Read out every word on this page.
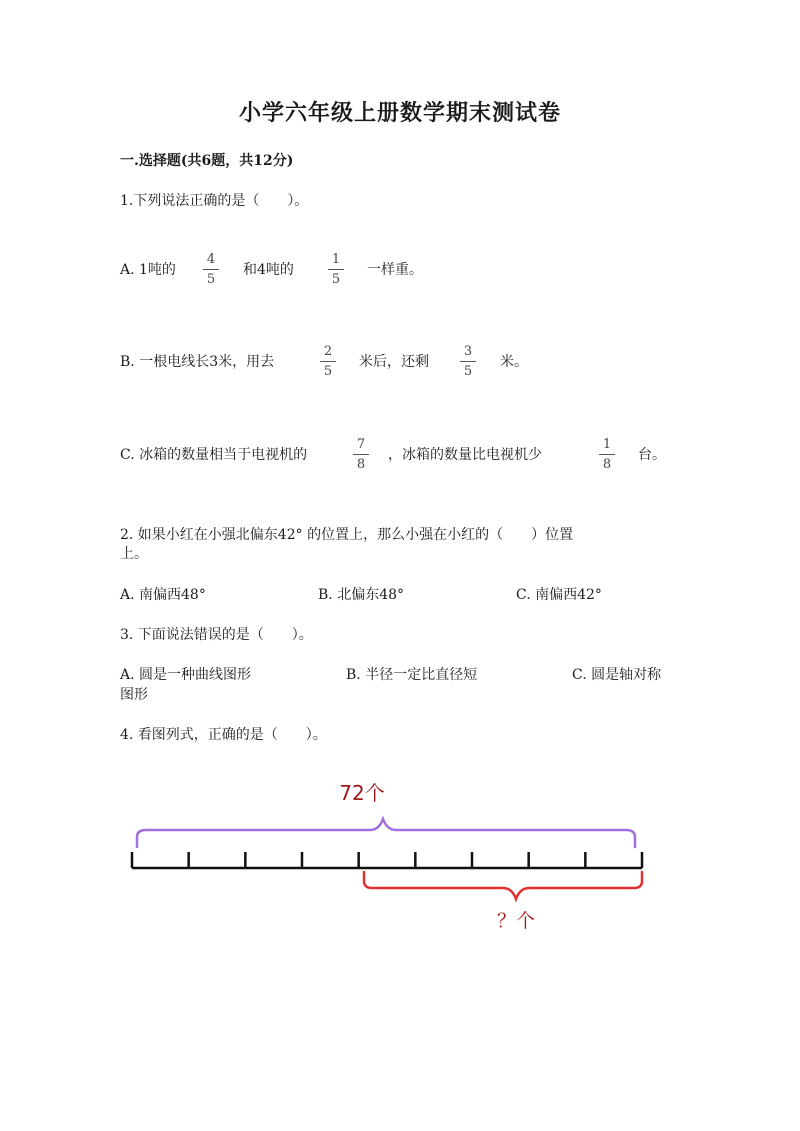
小学六年级上册数学期末测试卷
一.选择题(共6题，共12分)
1.下列说法正确的是（　　）。
A. 1吨的
4
5
和4吨的
1
5
一样重。
B. 一根电线长3米，用去
2
5
米后，还剩
3
5
米。
C. 冰箱的数量相当于电视机的
7
8
，冰箱的数量比电视机少
1
8
台。
2. 如果小红在小强北偏东42° 的位置上，那么小强在小红的（　　）位置
上。
A. 南偏西48°	B. 北偏东48°	C. 南偏西42°
3. 下面说法错误的是（　　）。
A. 圆是一种曲线图形	B. 半径一定比直径短	C. 圆是轴对称
图形
4. 看图列式，正确的是（　　）。
72个
？个
